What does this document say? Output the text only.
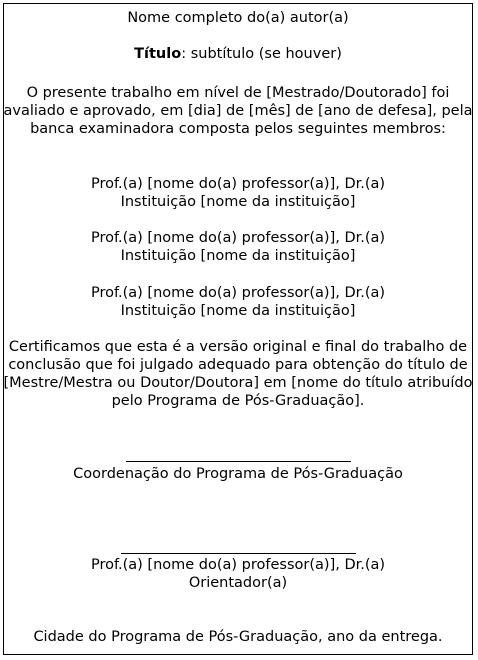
Nome completo do(a) autor(a)
Título: subtítulo (se houver)
O presente trabalho em nível de [Mestrado/Doutorado] foi
avaliado e aprovado, em [dia] de [mês] de [ano de defesa], pela
banca examinadora composta pelos seguintes membros:
Prof.(a) [nome do(a) professor(a)], Dr.(a)
Instituição [nome da instituição]
Prof.(a) [nome do(a) professor(a)], Dr.(a)
Instituição [nome da instituição]
Prof.(a) [nome do(a) professor(a)], Dr.(a)
Instituição [nome da instituição]
Certificamos que esta é a versão original e final do trabalho de
conclusão que foi julgado adequado para obtenção do título de
[Mestre/Mestra ou Doutor/Doutora] em [nome do título atribuído
pelo Programa de Pós-Graduação].
Coordenação do Programa de Pós-Graduação
Prof.(a) [nome do(a) professor(a)], Dr.(a)
Orientador(a)
Cidade do Programa de Pós-Graduação, ano da entrega.
